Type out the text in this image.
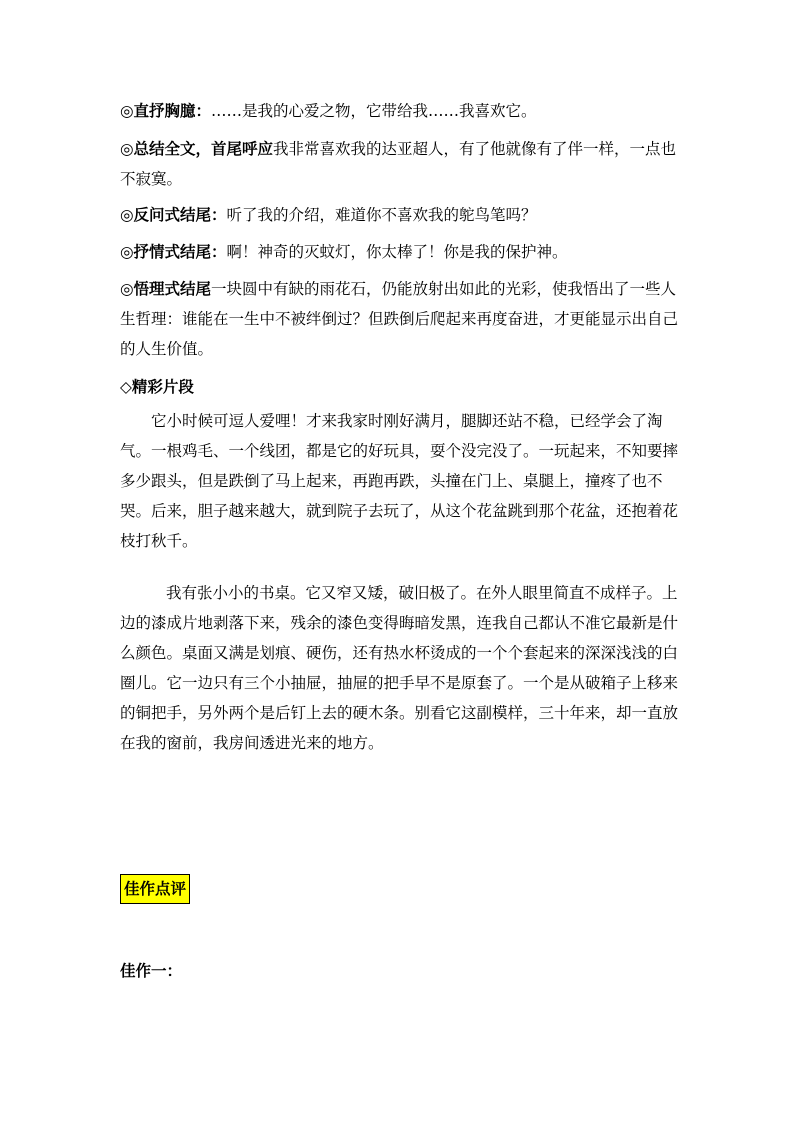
◎直抒胸臆：……是我的心爱之物，它带给我……我喜欢它。

◎总结全文，首尾呼应我非常喜欢我的达亚超人，有了他就像有了伴一样，一点也不寂寞。

◎反问式结尾：听了我的介绍，难道你不喜欢我的鸵鸟笔吗？

◎抒情式结尾：啊！神奇的灭蚊灯，你太棒了！你是我的保护神。

◎悟理式结尾一块圆中有缺的雨花石，仍能放射出如此的光彩，使我悟出了一些人生哲理：谁能在一生中不被绊倒过？但跌倒后爬起来再度奋进，才更能显示出自己的人生价值。

◇精彩片段

它小时候可逗人爱哩！才来我家时刚好满月，腿脚还站不稳，已经学会了淘气。一根鸡毛、一个线团，都是它的好玩具，耍个没完没了。一玩起来，不知要摔多少跟头，但是跌倒了马上起来，再跑再跌，头撞在门上、桌腿上，撞疼了也不哭。后来，胆子越来越大，就到院子去玩了，从这个花盆跳到那个花盆，还抱着花枝打秋千。

我有张小小的书桌。它又窄又矮，破旧极了。在外人眼里简直不成样子。上边的漆成片地剥落下来，残余的漆色变得晦暗发黑，连我自己都认不准它最新是什么颜色。桌面又满是划痕、硬伤，还有热水杯烫成的一个个套起来的深深浅浅的白圈儿。它一边只有三个小抽屉，抽屉的把手早不是原套了。一个是从破箱子上移来的铜把手，另外两个是后钉上去的硬木条。别看它这副模样，三十年来，却一直放在我的窗前，我房间透进光来的地方。

佳作点评

佳作一：
